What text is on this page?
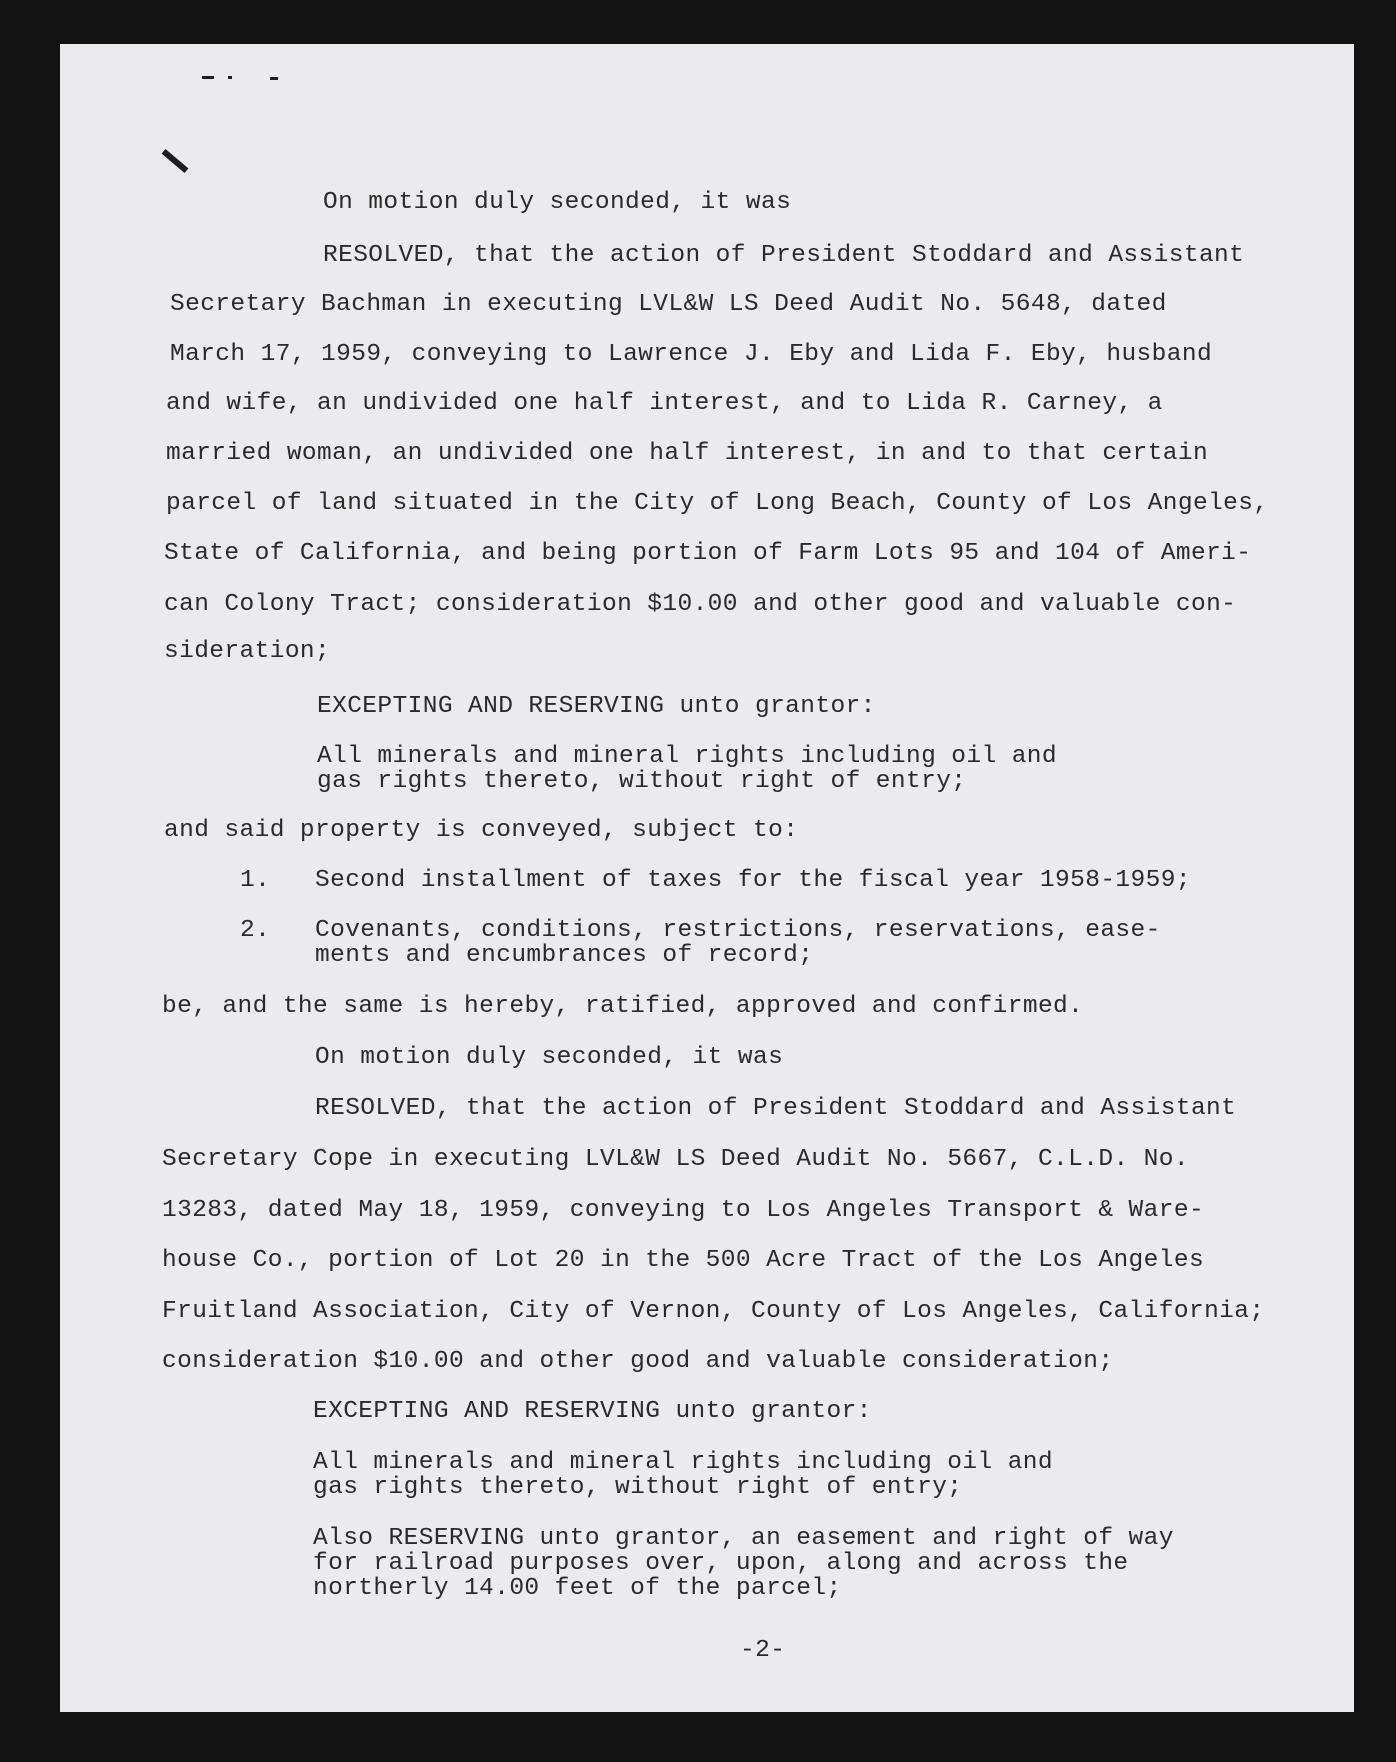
On motion duly seconded, it was
RESOLVED, that the action of President Stoddard and Assistant
Secretary Bachman in executing LVL&W LS Deed Audit No. 5648, dated
March 17, 1959, conveying to Lawrence J. Eby and Lida F. Eby, husband
and wife, an undivided one half interest, and to Lida R. Carney, a
married woman, an undivided one half interest, in and to that certain
parcel of land situated in the City of Long Beach, County of Los Angeles,
State of California, and being portion of Farm Lots 95 and 104 of Ameri-
can Colony Tract; consideration $10.00 and other good and valuable con-
sideration;
EXCEPTING AND RESERVING unto grantor:
All minerals and mineral rights including oil and
gas rights thereto, without right of entry;
and said property is conveyed, subject to:
1. Second installment of taxes for the fiscal year 1958-1959;
2. Covenants, conditions, restrictions, reservations, ease-
ments and encumbrances of record;
be, and the same is hereby, ratified, approved and confirmed.
On motion duly seconded, it was
RESOLVED, that the action of President Stoddard and Assistant
Secretary Cope in executing LVL&W LS Deed Audit No. 5667, C.L.D. No.
13283, dated May 18, 1959, conveying to Los Angeles Transport & Ware-
house Co., portion of Lot 20 in the 500 Acre Tract of the Los Angeles
Fruitland Association, City of Vernon, County of Los Angeles, California;
consideration $10.00 and other good and valuable consideration;
EXCEPTING AND RESERVING unto grantor:
All minerals and mineral rights including oil and
gas rights thereto, without right of entry;
Also RESERVING unto grantor, an easement and right of way
for railroad purposes over, upon, along and across the
northerly 14.00 feet of the parcel;
-2-
